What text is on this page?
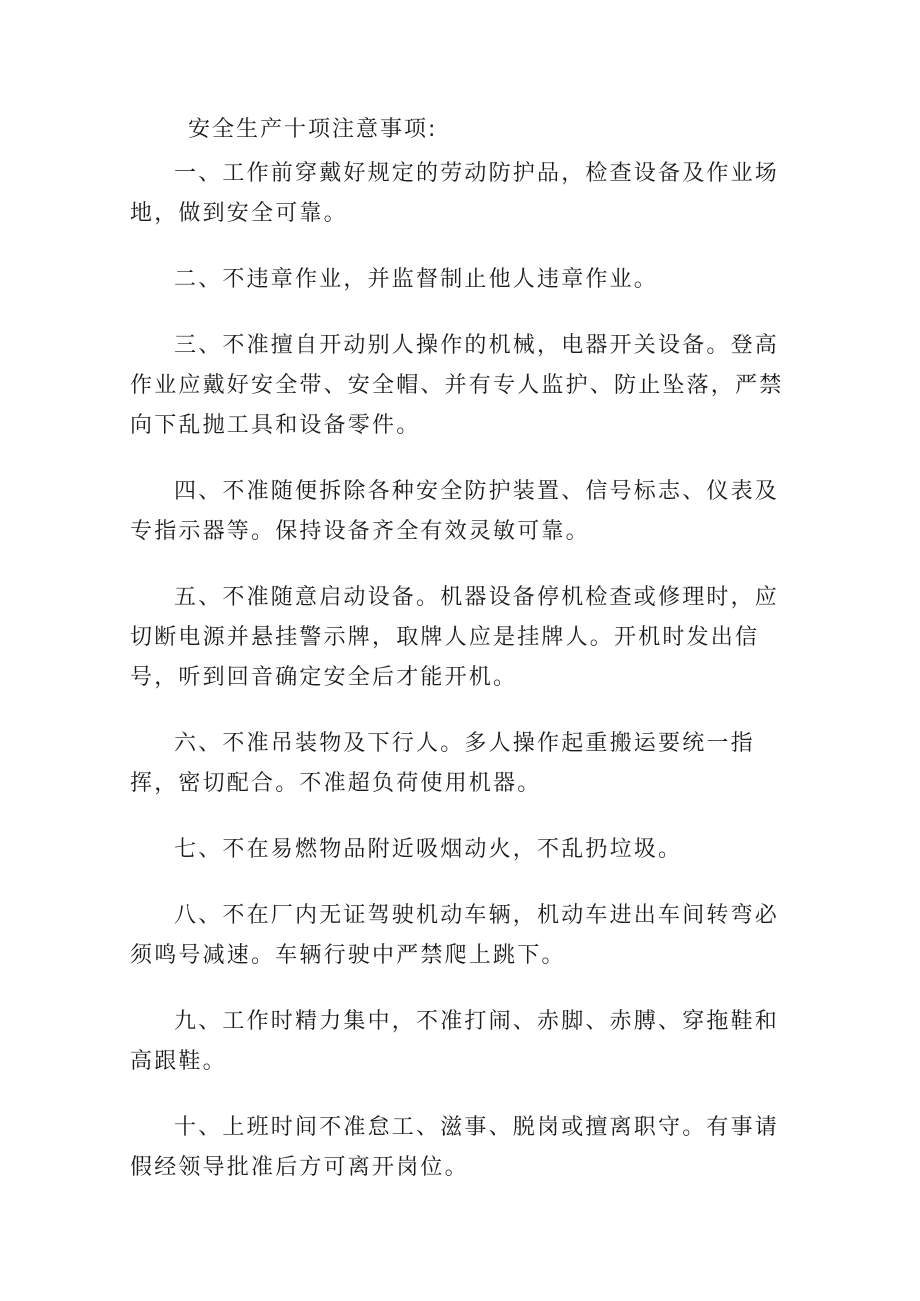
安全生产十项注意事项:

一、工作前穿戴好规定的劳动防护品，检查设备及作业场地，做到安全可靠。

二、不违章作业，并监督制止他人违章作业。

三、不准擅自开动别人操作的机械，电器开关设备。登高作业应戴好安全带、安全帽、并有专人监护、防止坠落，严禁向下乱抛工具和设备零件。

四、不准随便拆除各种安全防护装置、信号标志、仪表及专指示器等。保持设备齐全有效灵敏可靠。

五、不准随意启动设备。机器设备停机检查或修理时，应切断电源并悬挂警示牌，取牌人应是挂牌人。开机时发出信号，听到回音确定安全后才能开机。

六、不准吊装物及下行人。多人操作起重搬运要统一指挥，密切配合。不准超负荷使用机器。

七、不在易燃物品附近吸烟动火，不乱扔垃圾。

八、不在厂内无证驾驶机动车辆，机动车进出车间转弯必须鸣号减速。车辆行驶中严禁爬上跳下。

九、工作时精力集中，不准打闹、赤脚、赤膊、穿拖鞋和高跟鞋。

十、上班时间不准怠工、滋事、脱岗或擅离职守。有事请假经领导批准后方可离开岗位。
